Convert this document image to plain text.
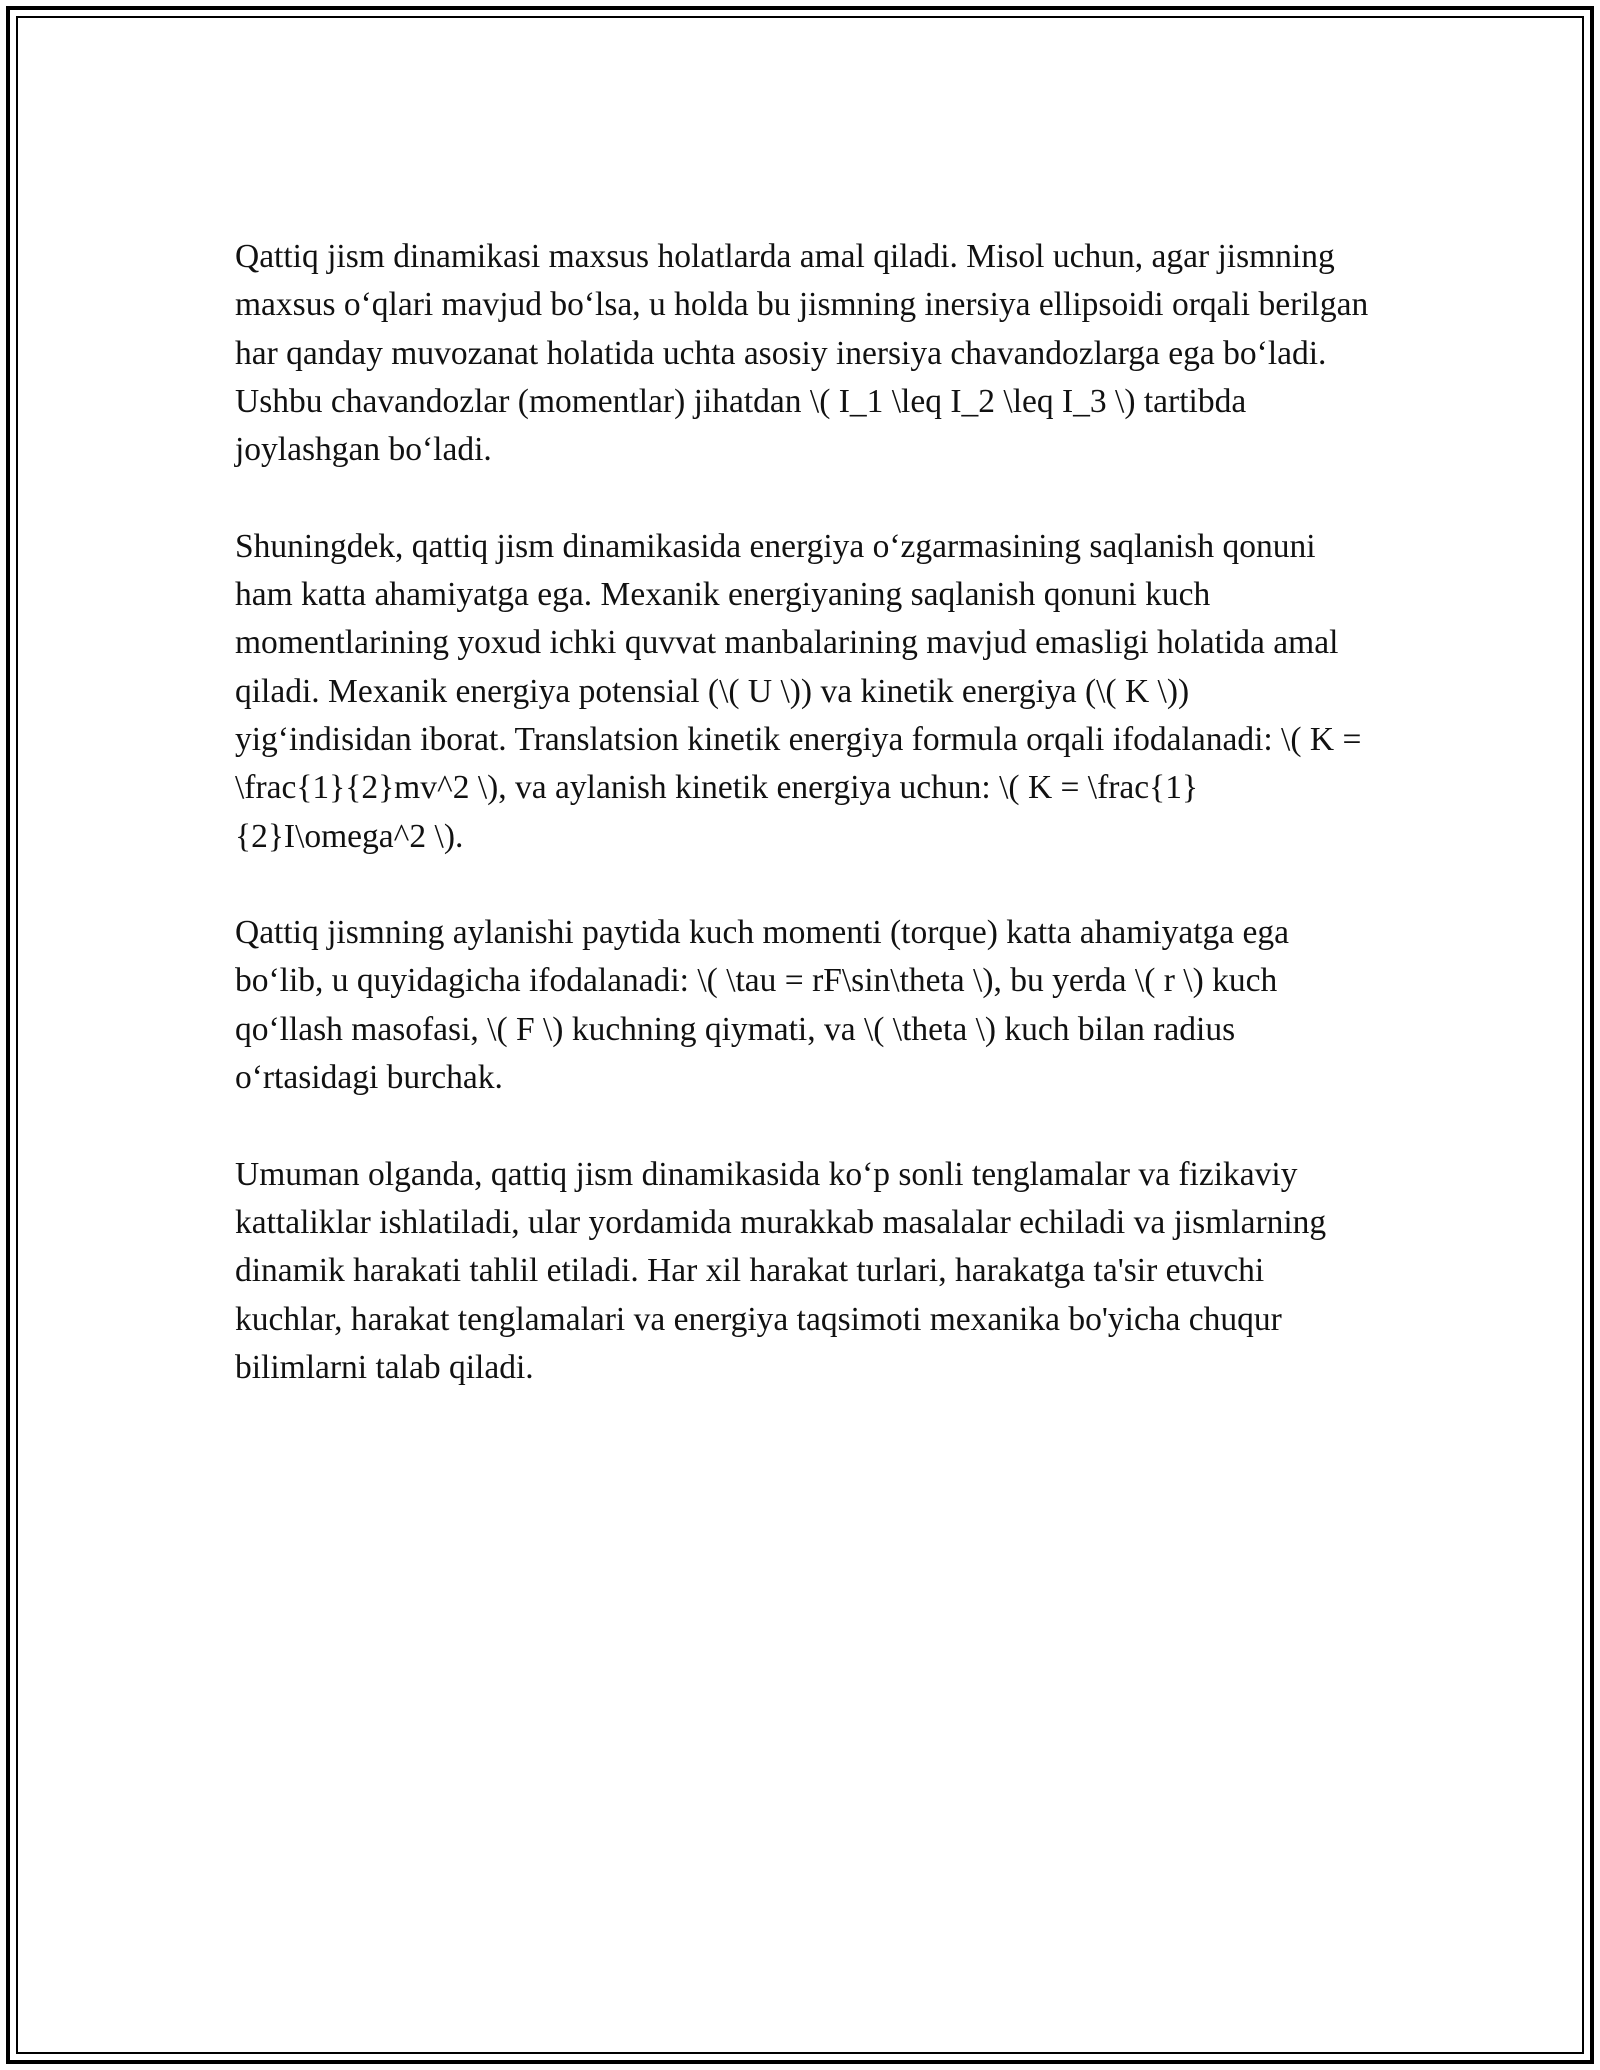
Qattiq jism dinamikasi maxsus holatlarda amal qiladi. Misol uchun, agar jismning maxsus o‘qlari mavjud bo‘lsa, u holda bu jismning inersiya ellipsoidi orqali berilgan har qanday muvozanat holatida uchta asosiy inersiya chavandozlarga ega bo‘ladi. Ushbu chavandozlar (momentlar) jihatdan \( I_1 \leq I_2 \leq I_3 \) tartibda joylashgan bo‘ladi.

Shuningdek, qattiq jism dinamikasida energiya o‘zgarmasining saqlanish qonuni ham katta ahamiyatga ega. Mexanik energiyaning saqlanish qonuni kuch momentlarining yoxud ichki quvvat manbalarining mavjud emasligi holatida amal qiladi. Mexanik energiya potensial (\( U \)) va kinetik energiya (\( K \)) yig‘indisidan iborat. Translatsion kinetik energiya formula orqali ifodalanadi: \( K = \frac{1}{2}mv^2 \), va aylanish kinetik energiya uchun: \( K = \frac{1}{2}I\omega^2 \).

Qattiq jismning aylanishi paytida kuch momenti (torque) katta ahamiyatga ega bo‘lib, u quyidagicha ifodalanadi: \( \tau = rF\sin\theta \), bu yerda \( r \) kuch qo‘llash masofasi, \( F \) kuchning qiymati, va \( \theta \) kuch bilan radius o‘rtasidagi burchak.

Umuman olganda, qattiq jism dinamikasida ko‘p sonli tenglamalar va fizikaviy kattaliklar ishlatiladi, ular yordamida murakkab masalalar echiladi va jismlarning dinamik harakati tahlil etiladi. Har xil harakat turlari, harakatga ta'sir etuvchi kuchlar, harakat tenglamalari va energiya taqsimoti mexanika bo'yicha chuqur bilimlarni talab qiladi.
